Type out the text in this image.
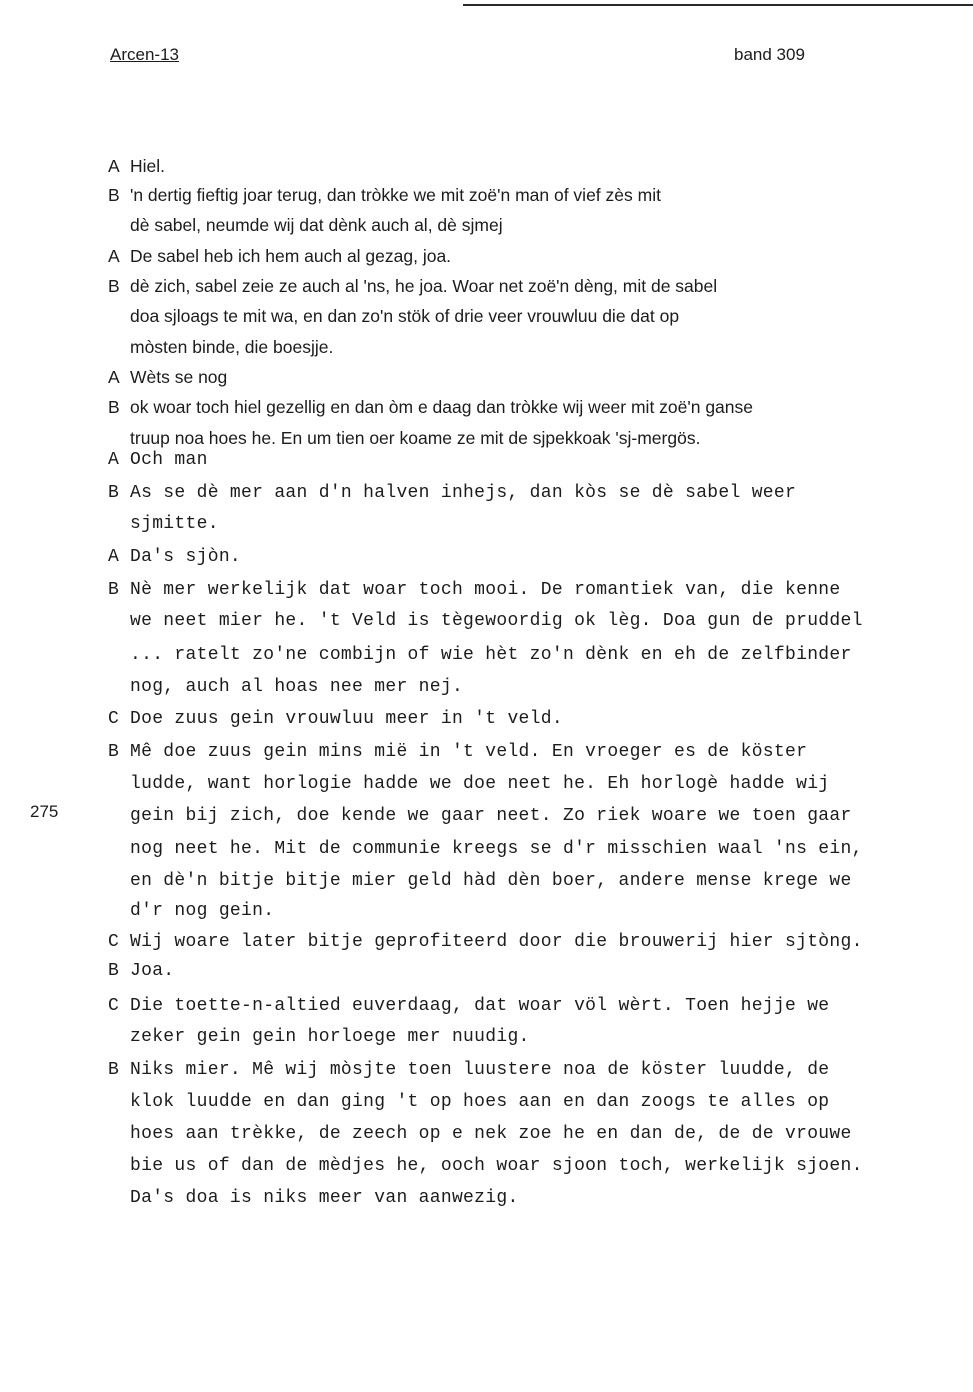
Arcen-13	band 309
275
A Hiel.
B 'n dertig fieftig joar terug, dan tròkke we mit zoë'n man of vief zès mit
dè sabel, neumde wij dat dènk auch al, dè sjmej
A De sabel heb ich hem auch al gezag, joa.
B dè zich, sabel zeie ze auch al 'ns, he joa. Woar net zoë'n dèng, mit de sabel
doa sjloags te mit wa, en dan zo'n stök of drie veer vrouwluu die dat op
mòsten binde, die boesjje.
A Wèts se nog
B ok woar toch hiel gezellig en dan òm e daag dan tròkke wij weer mit zoë'n ganse
truup noa hoes he. En um tien oer koame ze mit de sjpekkoak 'sj-mergös.
A Och man
B As se dè mer aan d'n halven inhejs, dan kòs se dè sabel weer
sjmitte.
A Da's sjòn.
B Nè mer werkelijk dat woar toch mooi. De romantiek van, die kenne
we neet mier he. 't Veld is tègewoordig ok lèg. Doa gun de pruddel
... ratelt zo'ne combijn of wie hèt zo'n dènk en eh de zelfbinder
nog, auch al hoas nee mer nej.
C Doe zuus gein vrouwluu meer in 't veld.
B Mê doe zuus gein mins mië in 't veld. En vroeger es de köster
ludde, want horlogie hadde we doe neet he. Eh horlogè hadde wij
gein bij zich, doe kende we gaar neet. Zo riek woare we toen gaar
nog neet he. Mit de communie kreegs se d'r misschien waal 'ns ein,
en dè'n bitje bitje mier geld hàd dèn boer, andere mense krege we
d'r nog gein.
C Wij woare later bitje geprofiteerd door die brouwerij hier sjtòng.
B Joa.
C Die toette-n-altied euverdaag, dat woar völ wèrt. Toen hejje we
zeker gein gein horloege mer nuudig.
B Niks mier. Mê wij mòsjte toen luustere noa de köster luudde, de
klok luudde en dan ging 't op hoes aan en dan zoogs te alles op
hoes aan trèkke, de zeech op e nek zoe he en dan de, de de vrouwe
bie us of dan de mèdjes he, ooch woar sjoon toch, werkelijk sjoen.
Da's doa is niks meer van aanwezig.
